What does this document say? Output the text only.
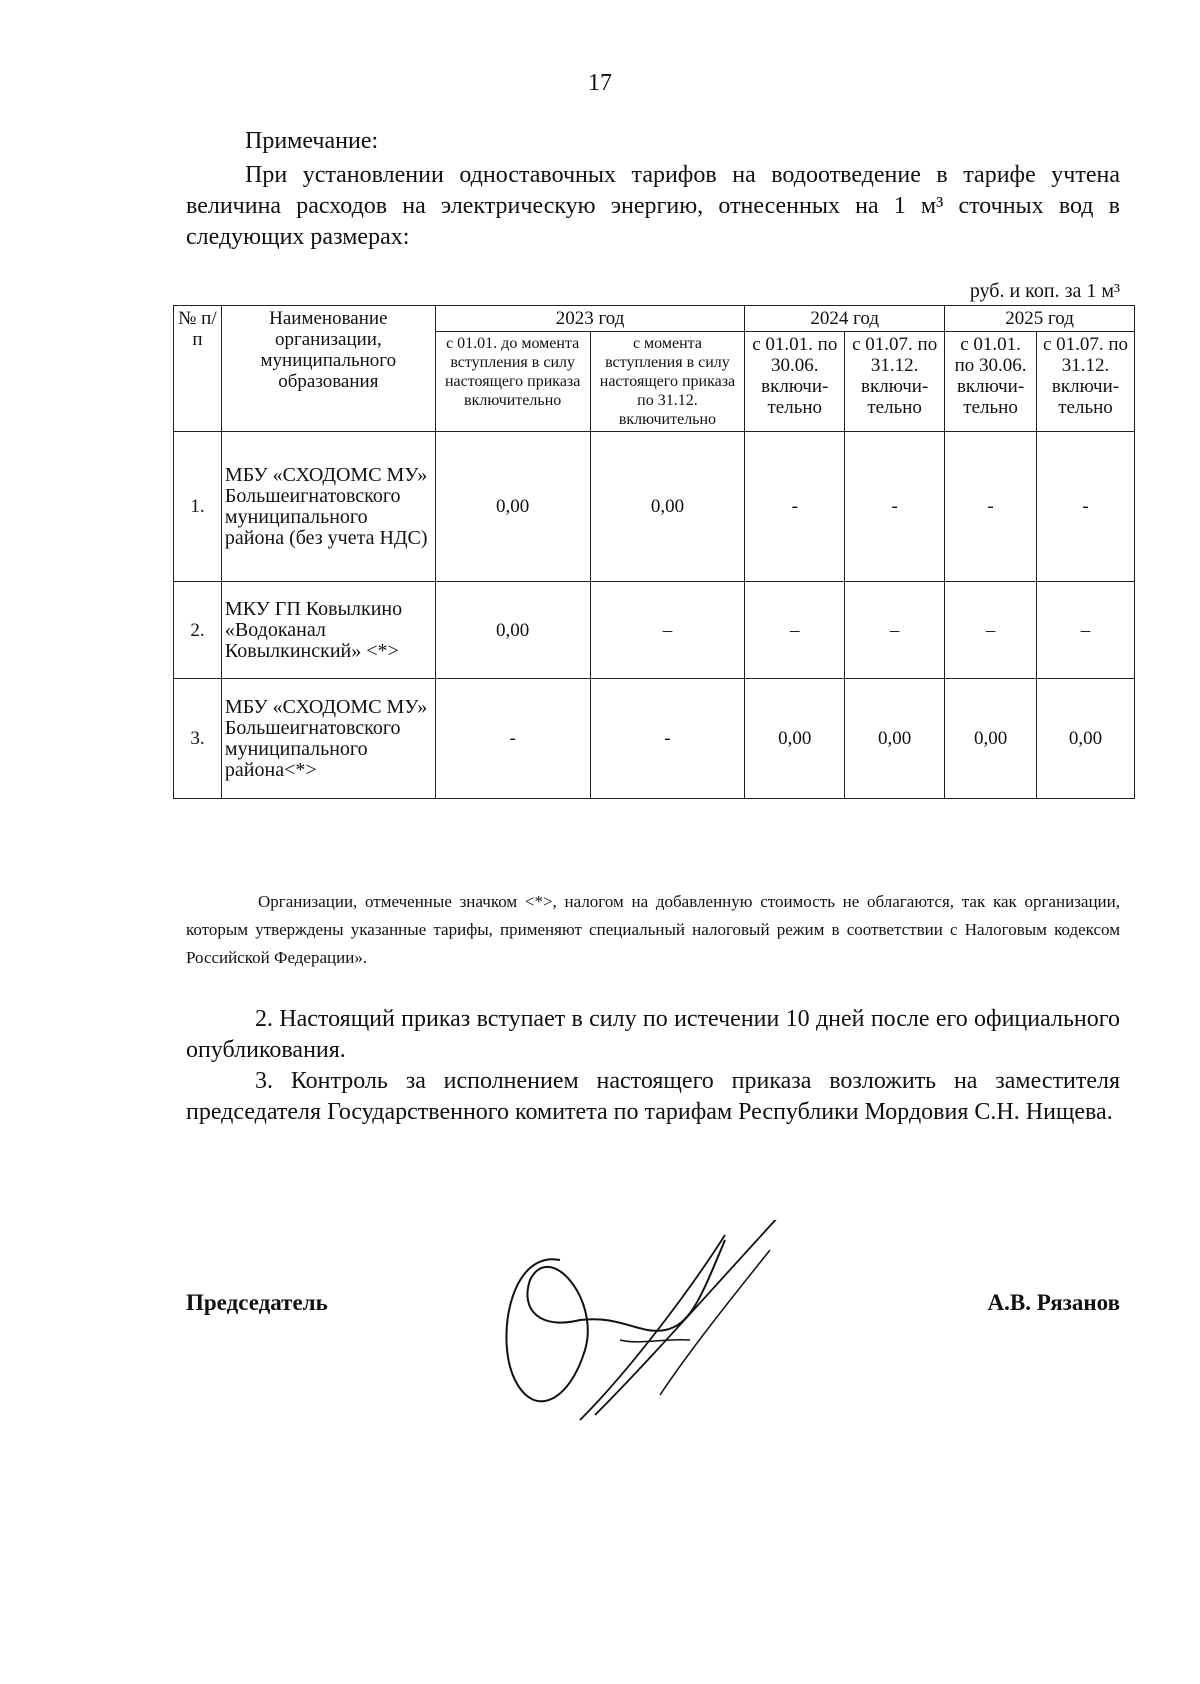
17
Примечание:
При установлении одноставочных тарифов на водоотведение в тарифе учтена величина расходов на электрическую энергию, отнесенных на 1 м³ сточных вод в следующих размерах:
руб. и коп. за 1 м³
№ п/п	Наименование организации, муниципального образования	2023 год		2024 год		2025 год	
		с 01.01. до момента вступления в силу настоящего приказа включительно	с момента вступления в силу настоящего приказа по 31.12. включительно	с 01.01. по 30.06. включи-тельно	с 01.07. по 31.12. включи-тельно	с 01.01. по 30.06. включи-тельно	с 01.07. по 31.12. включи-тельно
1.	МБУ «СХОДОМС МУ» Большеигнатовского муниципального района (без учета НДС)	0,00	0,00	-	-	-	-
2.	МКУ ГП Ковылкино «Водоканал Ковылкинский» <*>	0,00	–	–	–	–	–
3.	МБУ «СХОДОМС МУ» Большеигнатовского муниципального района<*>	-	-	0,00	0,00	0,00	0,00
Организации, отмеченные значком <*>, налогом на добавленную стоимость не облагаются, так как организации, которым утверждены указанные тарифы, применяют специальный налоговый режим в соответствии с Налоговым кодексом Российской Федерации».
2. Настоящий приказ вступает в силу по истечении 10 дней после его официального опубликования.
3. Контроль за исполнением настоящего приказа возложить на заместителя председателя Государственного комитета по тарифам Республики Мордовия С.Н. Нищева.
Председатель	А.В. Рязанов
